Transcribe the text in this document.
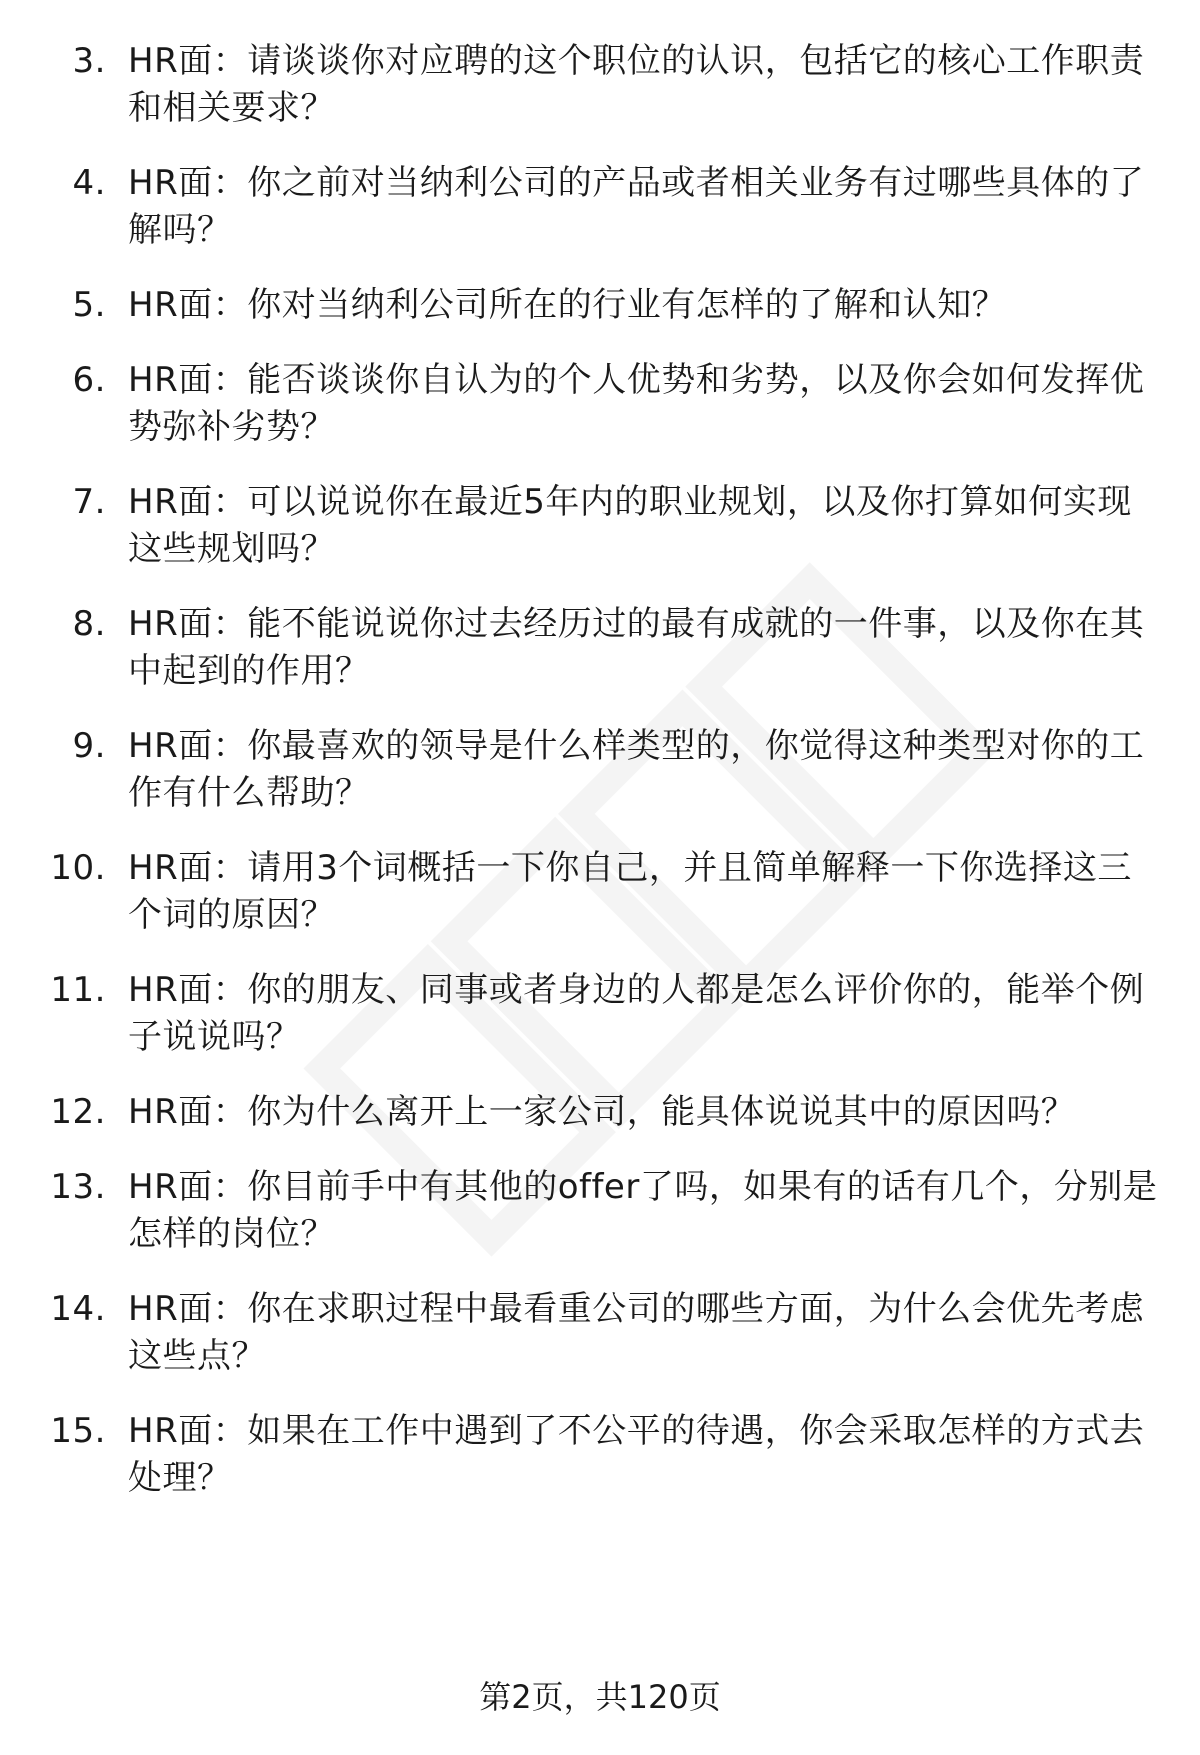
3. HR面：请谈谈你对应聘的这个职位的认识，包括它的核心工作职责和相关要求？
4. HR面：你之前对当纳利公司的产品或者相关业务有过哪些具体的了解吗？
5. HR面：你对当纳利公司所在的行业有怎样的了解和认知？
6. HR面：能否谈谈你自认为的个人优势和劣势，以及你会如何发挥优势弥补劣势？
7. HR面：可以说说你在最近5年内的职业规划，以及你打算如何实现这些规划吗？
8. HR面：能不能说说你过去经历过的最有成就的一件事，以及你在其中起到的作用？
9. HR面：你最喜欢的领导是什么样类型的，你觉得这种类型对你的工作有什么帮助？
10. HR面：请用3个词概括一下你自己，并且简单解释一下你选择这三个词的原因？
11. HR面：你的朋友、同事或者身边的人都是怎么评价你的，能举个例子说说吗？
12. HR面：你为什么离开上一家公司，能具体说说其中的原因吗？
13. HR面：你目前手中有其他的offer了吗，如果有的话有几个，分别是怎样的岗位？
14. HR面：你在求职过程中最看重公司的哪些方面，为什么会优先考虑这些点？
15. HR面：如果在工作中遇到了不公平的待遇，你会采取怎样的方式去处理？
第2页，共120页
